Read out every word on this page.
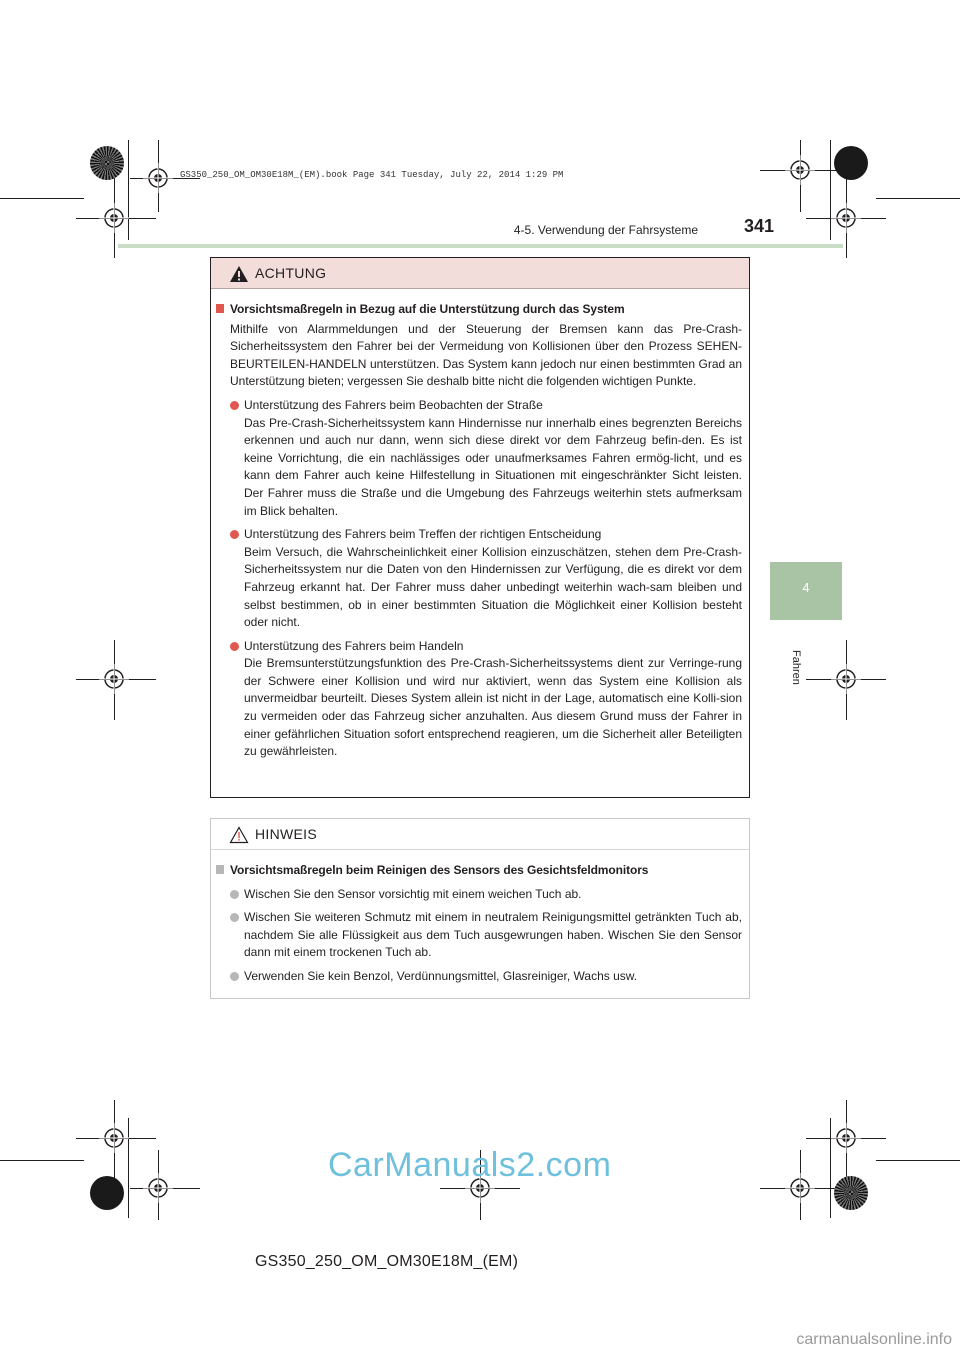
GS350_250_OM_OM30E18M_(EM).book Page 341 Tuesday, July 22, 2014 1:29 PM
4-5. Verwendung der Fahrsysteme	341
4
Fahren
ACHTUNG
Vorsichtsmaßregeln in Bezug auf die Unterstützung durch das System
Mithilfe von Alarmmeldungen und der Steuerung der Bremsen kann das Pre-Crash-Sicherheitssystem den Fahrer bei der Vermeidung von Kollisionen über den Prozess SEHEN-BEURTEILEN-HANDELN unterstützen. Das System kann jedoch nur einen bestimmten Grad an Unterstützung bieten; vergessen Sie deshalb bitte nicht die folgenden wichtigen Punkte.
Unterstützung des Fahrers beim Beobachten der Straße
Das Pre-Crash-Sicherheitssystem kann Hindernisse nur innerhalb eines begrenzten Bereichs erkennen und auch nur dann, wenn sich diese direkt vor dem Fahrzeug befin-den. Es ist keine Vorrichtung, die ein nachlässiges oder unaufmerksames Fahren ermög-licht, und es kann dem Fahrer auch keine Hilfestellung in Situationen mit eingeschränkter Sicht leisten. Der Fahrer muss die Straße und die Umgebung des Fahrzeugs weiterhin stets aufmerksam im Blick behalten.
Unterstützung des Fahrers beim Treffen der richtigen Entscheidung
Beim Versuch, die Wahrscheinlichkeit einer Kollision einzuschätzen, stehen dem Pre-Crash-Sicherheitssystem nur die Daten von den Hindernissen zur Verfügung, die es direkt vor dem Fahrzeug erkannt hat. Der Fahrer muss daher unbedingt weiterhin wach-sam bleiben und selbst bestimmen, ob in einer bestimmten Situation die Möglichkeit einer Kollision besteht oder nicht.
Unterstützung des Fahrers beim Handeln
Die Bremsunterstützungsfunktion des Pre-Crash-Sicherheitssystems dient zur Verringe-rung der Schwere einer Kollision und wird nur aktiviert, wenn das System eine Kollision als unvermeidbar beurteilt. Dieses System allein ist nicht in der Lage, automatisch eine Kolli-sion zu vermeiden oder das Fahrzeug sicher anzuhalten. Aus diesem Grund muss der Fahrer in einer gefährlichen Situation sofort entsprechend reagieren, um die Sicherheit aller Beteiligten zu gewährleisten.
HINWEIS
Vorsichtsmaßregeln beim Reinigen des Sensors des Gesichtsfeldmonitors
Wischen Sie den Sensor vorsichtig mit einem weichen Tuch ab.
Wischen Sie weiteren Schmutz mit einem in neutralem Reinigungsmittel getränkten Tuch ab, nachdem Sie alle Flüssigkeit aus dem Tuch ausgewrungen haben. Wischen Sie den Sensor dann mit einem trockenen Tuch ab.
Verwenden Sie kein Benzol, Verdünnungsmittel, Glasreiniger, Wachs usw.
CarManuals2.com
GS350_250_OM_OM30E18M_(EM)
carmanualsonline.info
